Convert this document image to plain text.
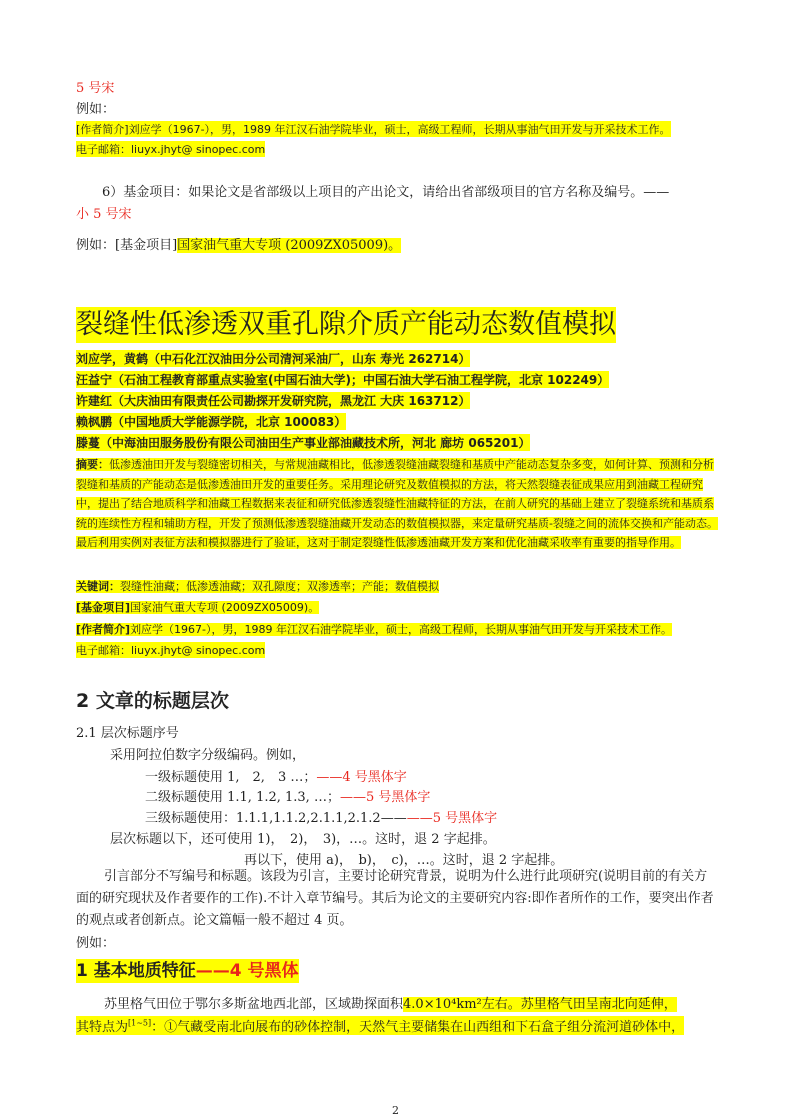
5 号宋
例如：
[作者简介]刘应学（1967-），男，1989 年江汉石油学院毕业，硕士，高级工程师，长期从事油气田开发与开采技术工作。
电子邮箱：liuyx.jhyt@ sinopec.com
6）基金项目：如果论文是省部级以上项目的产出论文，请给出省部级项目的官方名称及编号。——
小 5 号宋
例如：[基金项目]国家油气重大专项 (2009ZX05009)。
裂缝性低渗透双重孔隙介质产能动态数值模拟
刘应学，黄鹤（中石化江汉油田分公司清河采油厂，山东 寿光 262714）
汪益宁（石油工程教育部重点实验室(中国石油大学)；中国石油大学石油工程学院，北京 102249）
许建红（大庆油田有限责任公司勘探开发研究院，黑龙江 大庆 163712）
赖枫鹏（中国地质大学能源学院，北京 100083）
滕蔓（中海油田服务股份有限公司油田生产事业部油藏技术所，河北 廊坊 065201）
摘要：低渗透油田开发与裂缝密切相关，与常规油藏相比，低渗透裂缝油藏裂缝和基质中产能动态复杂多变，如何计算、预测和分析裂缝和基质的产能动态是低渗透油田开发的重要任务。采用理论研究及数值模拟的方法，将天然裂缝表征成果应用到油藏工程研究中，提出了结合地质科学和油藏工程数据来表征和研究低渗透裂缝性油藏特征的方法，在前人研究的基础上建立了裂缝系统和基质系统的连续性方程和辅助方程，开发了预测低渗透裂缝油藏开发动态的数值模拟器，来定量研究基质-裂缝之间的流体交换和产能动态。最后利用实例对表征方法和模拟器进行了验证，这对于制定裂缝性低渗透油藏开发方案和优化油藏采收率有重要的指导作用。
关键词：裂缝性油藏；低渗透油藏；双孔隙度；双渗透率；产能；数值模拟
[基金项目]国家油气重大专项 (2009ZX05009)。
[作者简介]刘应学（1967-），男，1989 年江汉石油学院毕业，硕士，高级工程师，长期从事油气田开发与开采技术工作。
电子邮箱：liuyx.jhyt@ sinopec.com
2 文章的标题层次
2.1 层次标题序号
采用阿拉伯数字分级编码。例如，
一级标题使用 1,　2,　3 …；——4 号黑体字
二级标题使用 1.1, 1.2, 1.3, …；——5 号黑体字
三级标题使用：1.1.1,1.1.2,2.1.1,2.1.2————5 号黑体字
层次标题以下，还可使用 1)，　2)，　3)，…。这时，退 2 字起排。
再以下，使用 a)，　b)，　c)，…。这时，退 2 字起排。
引言部分不写编号和标题。该段为引言，主要讨论研究背景，说明为什么进行此项研究(说明目前的有关方面的研究现状及作者要作的工作).不计入章节编号。其后为论文的主要研究内容:即作者所作的工作，要突出作者的观点或者创新点。论文篇幅一般不超过 4 页。
例如：
1 基本地质特征——4 号黑体
苏里格气田位于鄂尔多斯盆地西北部，区域勘探面积4.0×10⁴km²左右。苏里格气田呈南北向延伸，
其特点为[1~5]：①气藏受南北向展布的砂体控制，天然气主要储集在山西组和下石盒子组分流河道砂体中，
2
